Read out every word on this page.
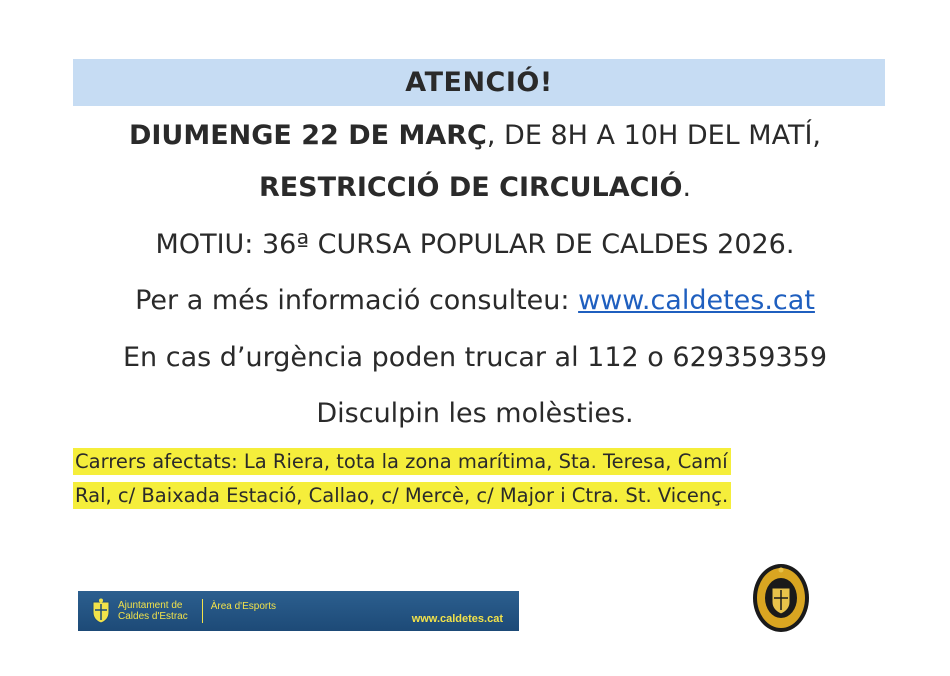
ATENCIÓ!
DIUMENGE 22 DE MARÇ, DE 8H A 10H DEL MATÍ,
RESTRICCIÓ DE CIRCULACIÓ.
MOTIU: 36ª CURSA POPULAR DE CALDES 2026.
Per a més informació consulteu: www.caldetes.cat
En cas d’urgència poden trucar al 112 o 629359359
Disculpin les molèsties.
Carrers afectats: La Riera, tota la zona marítima, Sta. Teresa, Camí
Ral, c/ Baixada Estació, Callao, c/ Mercè, c/ Major i Ctra. St. Vicenç.
Ajuntament de
Caldes d'Estrac
Àrea d'Esports
www.caldetes.cat
